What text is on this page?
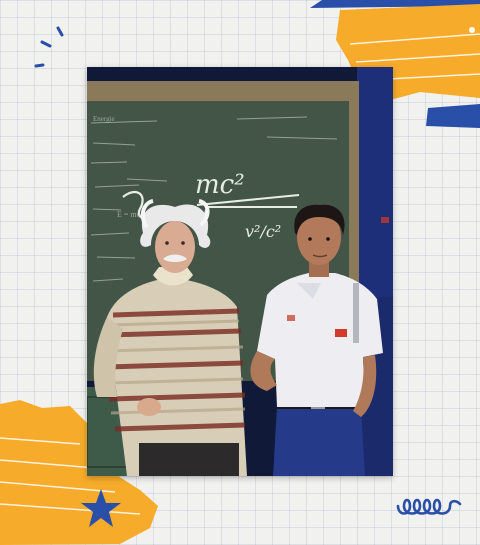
Energie
E = mc²
mc²
v²/c²
